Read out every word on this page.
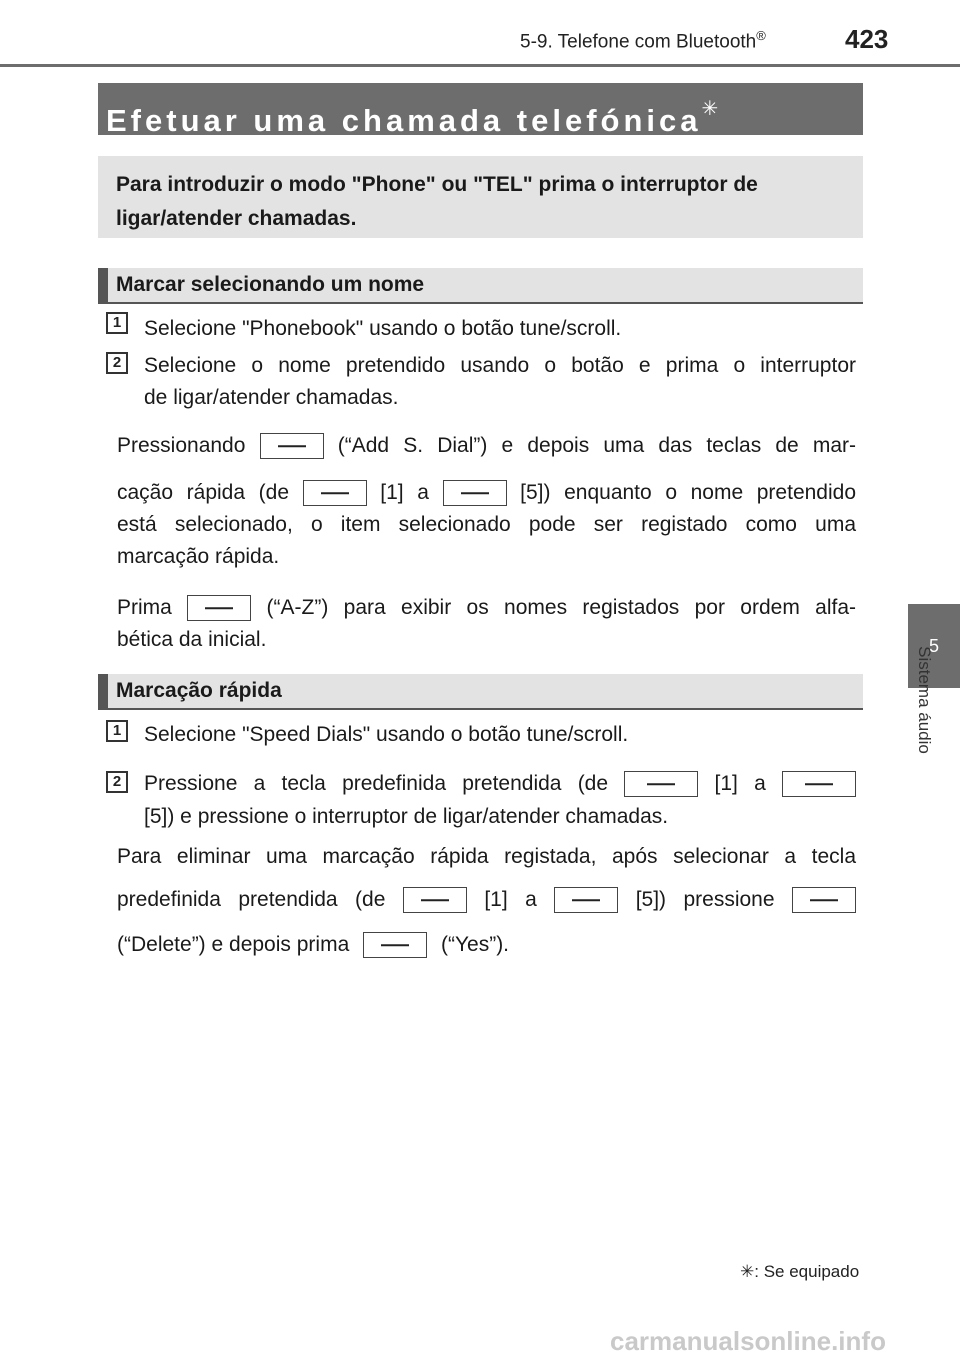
5-9. Telefone com Bluetooth®	423
5
Sistema áudio
Efetuar uma chamada telefónica✳
Para introduzir o modo "Phone" ou "TEL" prima o interruptor de ligar/atender chamadas.
Marcar selecionando um nome
1	Selecione "Phonebook" usando o botão tune/scroll.
2	Selecione o nome pretendido usando o botão e prima o interruptor
de ligar/atender chamadas.
Pressionando	(“Add S. Dial”) e depois uma das teclas de mar-
cação rápida (de	[1] a	[5]) enquanto o nome pretendido
está selecionado, o item selecionado pode ser registado como uma
marcação rápida.
Prima	(“A-Z”) para exibir os nomes registados por ordem alfa-
bética da inicial.
Marcação rápida
1	Selecione "Speed Dials" usando o botão tune/scroll.
2	Pressione a tecla predefinida pretendida (de	[1] a
[5]) e pressione o interruptor de ligar/atender chamadas.
Para eliminar uma marcação rápida registada, após selecionar a tecla
predefinida pretendida (de	[1] a	[5]) pressione
(“Delete”) e depois prima	(“Yes”).
✳: Se equipado
carmanualsonline.info
